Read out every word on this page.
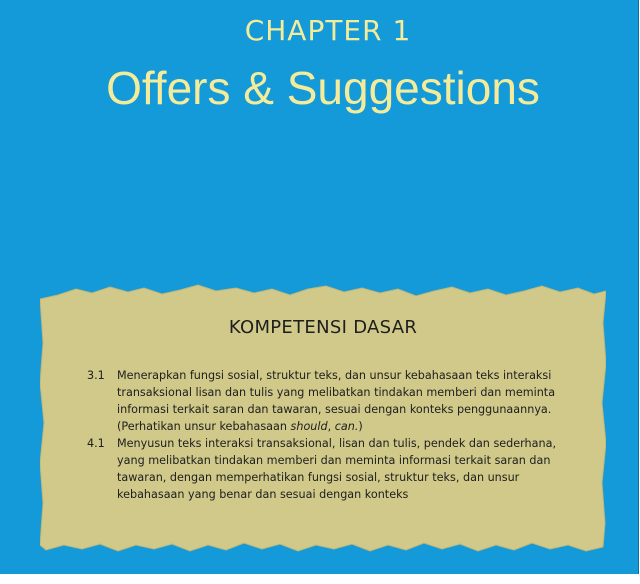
CHAPTER 1
Offers & Suggestions
KOMPETENSI DASAR
3.1 Menerapkan fungsi sosial, struktur teks, dan unsur kebahasaan teks interaksi transaksional lisan dan tulis yang melibatkan tindakan memberi dan meminta informasi terkait saran dan tawaran, sesuai dengan konteks penggunaannya. (Perhatikan unsur kebahasaan should, can.)
4.1 Menyusun teks interaksi transaksional, lisan dan tulis, pendek dan sederhana, yang melibatkan tindakan memberi dan meminta informasi terkait saran dan tawaran, dengan memperhatikan fungsi sosial, struktur teks, dan unsur kebahasaan yang benar dan sesuai dengan konteks
